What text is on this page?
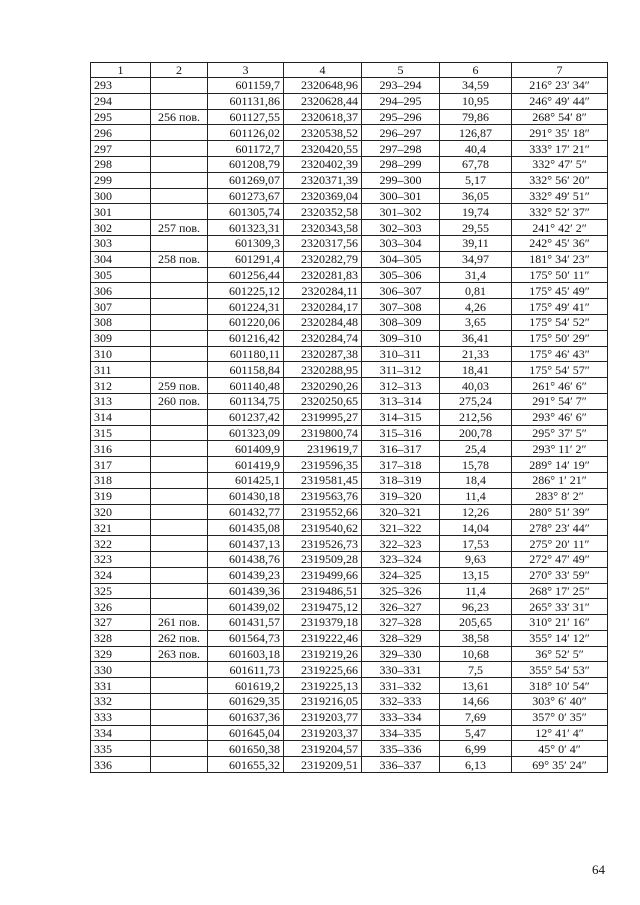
1	2	3	4	5	6	7
293		601159,7	2320648,96	293–294	34,59	216° 23′ 34″
294		601131,86	2320628,44	294–295	10,95	246° 49′ 44″
295	256 пов.	601127,55	2320618,37	295–296	79,86	268° 54′ 8″
296		601126,02	2320538,52	296–297	126,87	291° 35′ 18″
297		601172,7	2320420,55	297–298	40,4	333° 17′ 21″
298		601208,79	2320402,39	298–299	67,78	332° 47′ 5″
299		601269,07	2320371,39	299–300	5,17	332° 56′ 20″
300		601273,67	2320369,04	300–301	36,05	332° 49′ 51″
301		601305,74	2320352,58	301–302	19,74	332° 52′ 37″
302	257 пов.	601323,31	2320343,58	302–303	29,55	241° 42′ 2″
303		601309,3	2320317,56	303–304	39,11	242° 45′ 36″
304	258 пов.	601291,4	2320282,79	304–305	34,97	181° 34′ 23″
305		601256,44	2320281,83	305–306	31,4	175° 50′ 11″
306		601225,12	2320284,11	306–307	0,81	175° 45′ 49″
307		601224,31	2320284,17	307–308	4,26	175° 49′ 41″
308		601220,06	2320284,48	308–309	3,65	175° 54′ 52″
309		601216,42	2320284,74	309–310	36,41	175° 50′ 29″
310		601180,11	2320287,38	310–311	21,33	175° 46′ 43″
311		601158,84	2320288,95	311–312	18,41	175° 54′ 57″
312	259 пов.	601140,48	2320290,26	312–313	40,03	261° 46′ 6″
313	260 пов.	601134,75	2320250,65	313–314	275,24	291° 54′ 7″
314		601237,42	2319995,27	314–315	212,56	293° 46′ 6″
315		601323,09	2319800,74	315–316	200,78	295° 37′ 5″
316		601409,9	2319619,7	316–317	25,4	293° 11′ 2″
317		601419,9	2319596,35	317–318	15,78	289° 14′ 19″
318		601425,1	2319581,45	318–319	18,4	286° 1′ 21″
319		601430,18	2319563,76	319–320	11,4	283° 8′ 2″
320		601432,77	2319552,66	320–321	12,26	280° 51′ 39″
321		601435,08	2319540,62	321–322	14,04	278° 23′ 44″
322		601437,13	2319526,73	322–323	17,53	275° 20′ 11″
323		601438,76	2319509,28	323–324	9,63	272° 47′ 49″
324		601439,23	2319499,66	324–325	13,15	270° 33′ 59″
325		601439,36	2319486,51	325–326	11,4	268° 17′ 25″
326		601439,02	2319475,12	326–327	96,23	265° 33′ 31″
327	261 пов.	601431,57	2319379,18	327–328	205,65	310° 21′ 16″
328	262 пов.	601564,73	2319222,46	328–329	38,58	355° 14′ 12″
329	263 пов.	601603,18	2319219,26	329–330	10,68	36° 52′ 5″
330		601611,73	2319225,66	330–331	7,5	355° 54′ 53″
331		601619,2	2319225,13	331–332	13,61	318° 10′ 54″
332		601629,35	2319216,05	332–333	14,66	303° 6′ 40″
333		601637,36	2319203,77	333–334	7,69	357° 0′ 35″
334		601645,04	2319203,37	334–335	5,47	12° 41′ 4″
335		601650,38	2319204,57	335–336	6,99	45° 0′ 4″
336		601655,32	2319209,51	336–337	6,13	69° 35′ 24″
64
